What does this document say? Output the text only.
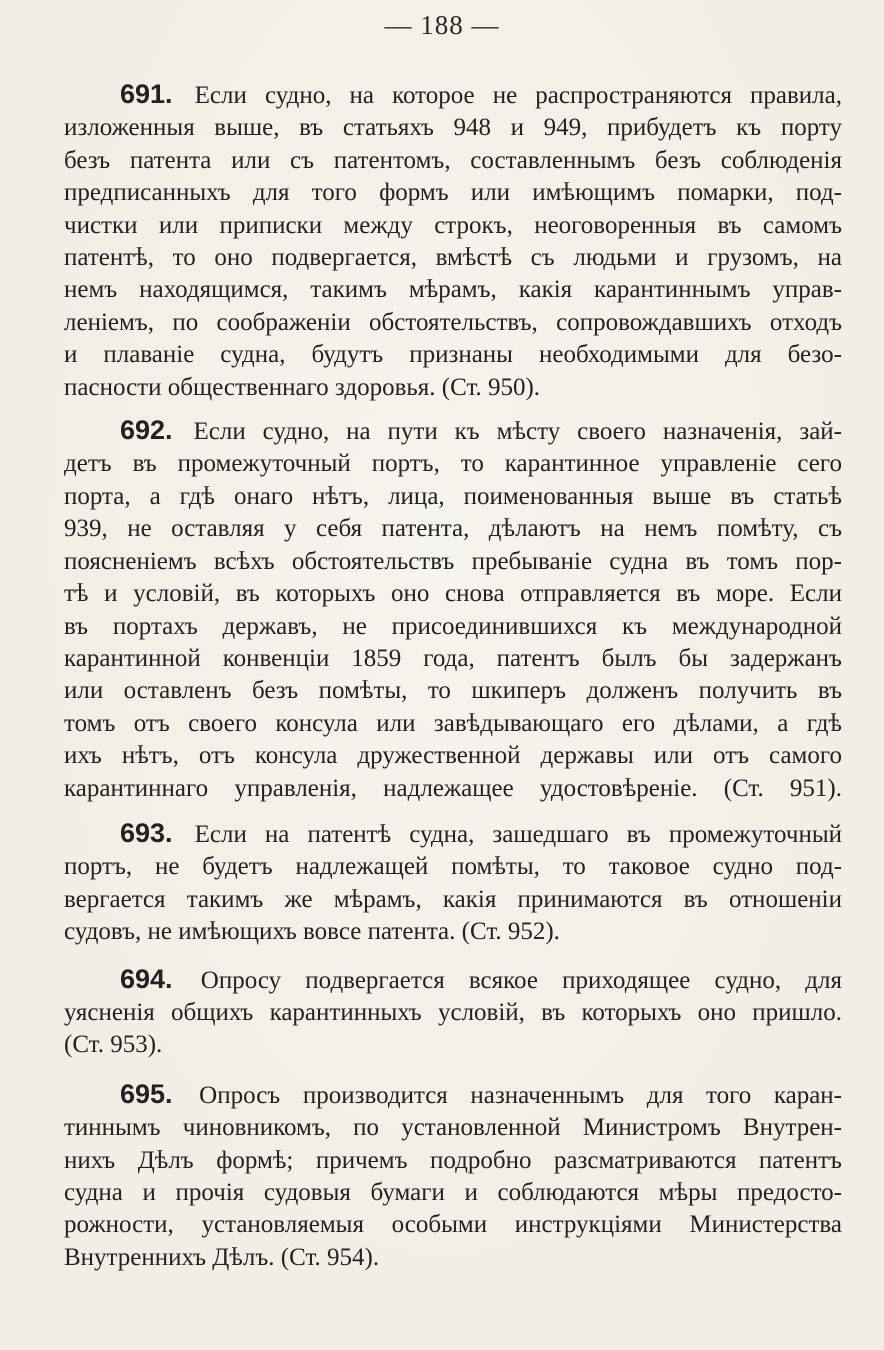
— 188 —
691. Если судно, на которое не распространяются правила,
изложенныя выше, въ статьяхъ 948 и 949, прибудетъ къ порту
безъ патента или съ патентомъ, составленнымъ безъ соблюденія
предписанныхъ для того формъ или имѣющимъ помарки, под-
чистки или приписки между строкъ, неоговоренныя въ самомъ
патентѣ, то оно подвергается, вмѣстѣ съ людьми и грузомъ, на
немъ находящимся, такимъ мѣрамъ, какія карантиннымъ управ-
леніемъ, по соображеніи обстоятельствъ, сопровождавшихъ отходъ
и плаваніе судна, будутъ признаны необходимыми для безо-
пасности общественнаго здоровья. (Ст. 950).
692. Если судно, на пути къ мѣсту своего назначенія, зай-
детъ въ промежуточный портъ, то карантинное управленіе сего
порта, а гдѣ онаго нѣтъ, лица, поименованныя выше въ статьѣ
939, не оставляя у себя патента, дѣлаютъ на немъ помѣту, съ
поясненіемъ всѣхъ обстоятельствъ пребываніе судна въ томъ пор-
тѣ и условій, въ которыхъ оно снова отправляется въ море. Если
въ портахъ державъ, не присоединившихся къ международной
карантинной конвенціи 1859 года, патентъ былъ бы задержанъ
или оставленъ безъ помѣты, то шкиперъ долженъ получить въ
томъ отъ своего консула или завѣдывающаго его дѣлами, а гдѣ
ихъ нѣтъ, отъ консула дружественной державы или отъ самого
карантиннаго управленія, надлежащее удостовѣреніе. (Ст. 951).
693. Если на патентѣ судна, зашедшаго въ промежуточный
портъ, не будетъ надлежащей помѣты, то таковое судно под-
вергается такимъ же мѣрамъ, какія принимаются въ отношеніи
судовъ, не имѣющихъ вовсе патента. (Ст. 952).
694. Опросу подвергается всякое приходящее судно, для
уясненія общихъ карантинныхъ условій, въ которыхъ оно пришло.
(Ст. 953).
695. Опросъ производится назначеннымъ для того каран-
тиннымъ чиновникомъ, по установленной Министромъ Внутрен-
нихъ Дѣлъ формѣ; причемъ подробно разсматриваются патентъ
судна и прочія судовыя бумаги и соблюдаются мѣры предосто-
рожности, установляемыя особыми инструкціями Министерства
Внутреннихъ Дѣлъ. (Ст. 954).
